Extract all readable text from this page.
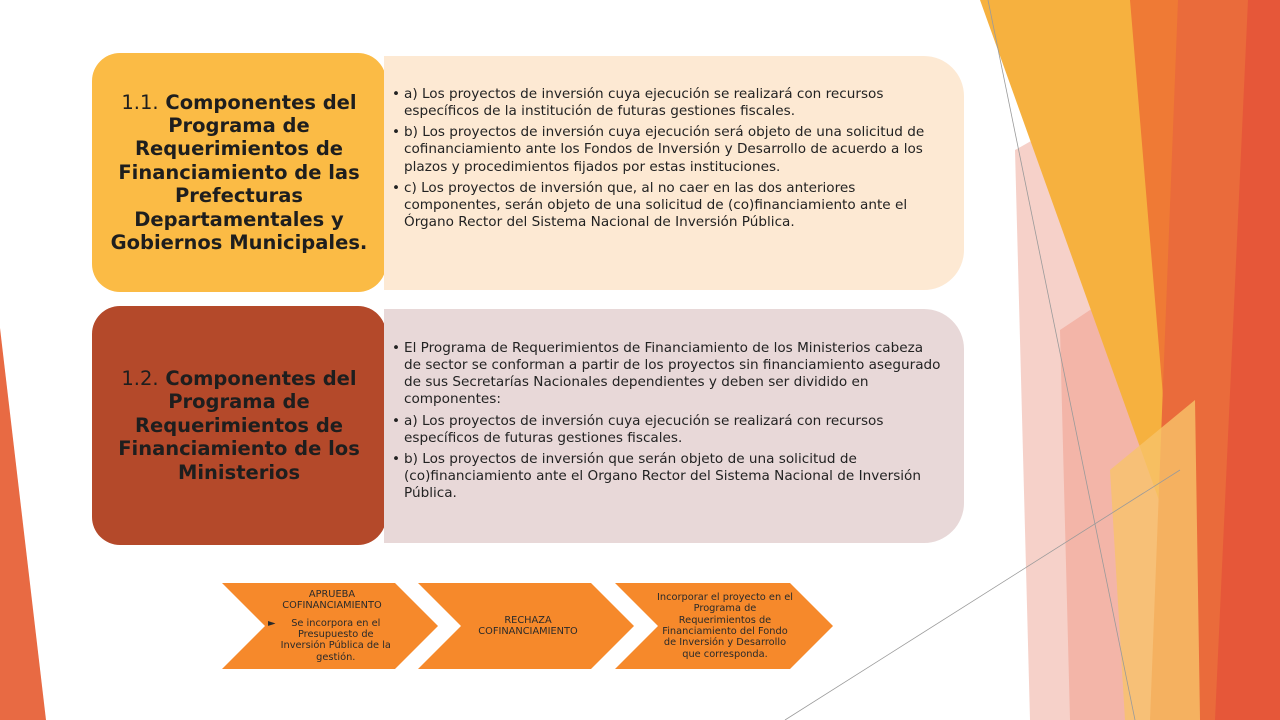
1.1. Componentes del Programa de Requerimientos de Financiamiento de las Prefecturas Departamentales y Gobiernos Municipales.
• a) Los proyectos de inversión cuya ejecución se realizará con recursos específicos de la institución de futuras gestiones fiscales.
• b) Los proyectos de inversión cuya ejecución será objeto de una solicitud de cofinanciamiento ante los Fondos de Inversión y Desarrollo de acuerdo a los plazos y procedimientos fijados por estas instituciones.
• c) Los proyectos de inversión que, al no caer en las dos anteriores componentes, serán objeto de una solicitud de (co)financiamiento ante el Órgano Rector del Sistema Nacional de Inversión Pública.
1.2. Componentes del Programa de Requerimientos de Financiamiento de los Ministerios
• El Programa de Requerimientos de Financiamiento de los Ministerios cabeza de sector se conforman a partir de los proyectos sin financiamiento asegurado de sus Secretarías Nacionales dependientes y deben ser dividido en componentes:
• a) Los proyectos de inversión cuya ejecución se realizará con recursos específicos de futuras gestiones fiscales.
• b) Los proyectos de inversión que serán objeto de una solicitud de (co)financiamiento ante el Organo Rector del Sistema Nacional de Inversión Pública.
APRUEBA COFINANCIAMIENTO
►	Se incorpora en el Presupuesto de Inversión Pública de la gestión.
RECHAZA COFINANCIAMIENTO
Incorporar el proyecto en el Programa de Requerimientos de Financiamiento del Fondo de Inversión y Desarrollo que corresponda.
